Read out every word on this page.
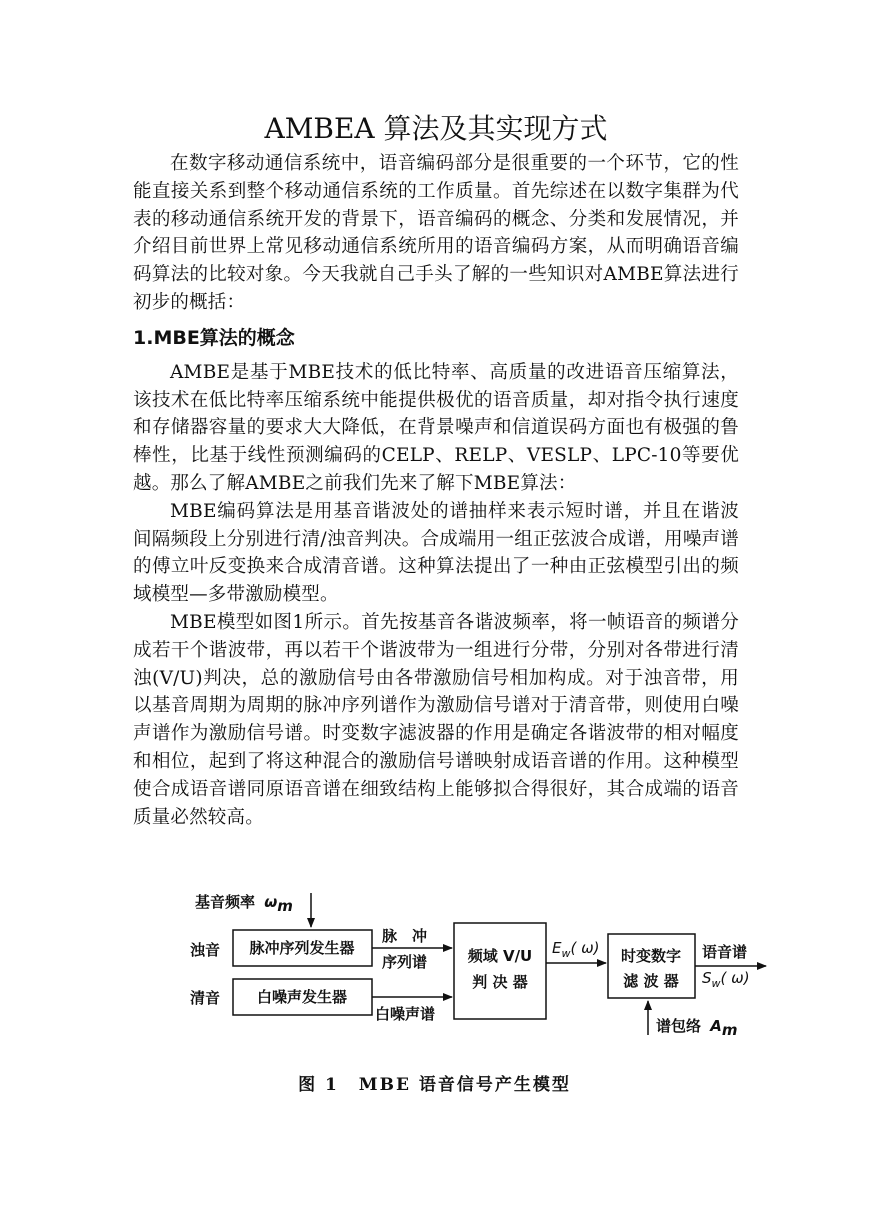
AMBEA 算法及其实现方式

在数字移动通信系统中，语音编码部分是很重要的一个环节，它的性能直接关系到整个移动通信系统的工作质量。首先综述在以数字集群为代表的移动通信系统开发的背景下，语音编码的概念、分类和发展情况，并介绍目前世界上常见移动通信系统所用的语音编码方案，从而明确语音编码算法的比较对象。今天我就自己手头了解的一些知识对AMBE算法进行初步的概括：

1.MBE算法的概念

AMBE是基于MBE技术的低比特率、高质量的改进语音压缩算法，该技术在低比特率压缩系统中能提供极优的语音质量，却对指令执行速度和存储器容量的要求大大降低，在背景噪声和信道误码方面也有极强的鲁棒性，比基于线性预测编码的CELP、RELP、VESLP、LPC-10等要优越。那么了解AMBE之前我们先来了解下MBE算法：

MBE编码算法是用基音谐波处的谱抽样来表示短时谱，并且在谐波间隔频段上分别进行清/浊音判决。合成端用一组正弦波合成谱，用噪声谱的傅立叶反变换来合成清音谱。这种算法提出了一种由正弦模型引出的频域模型—多带激励模型。

MBE模型如图1所示。首先按基音各谐波频率，将一帧语音的频谱分成若干个谐波带，再以若干个谐波带为一组进行分带，分别对各带进行清浊(V/U)判决，总的激励信号由各带激励信号相加构成。对于浊音带，用以基音周期为周期的脉冲序列谱作为激励信号谱对于清音带，则使用白噪声谱作为激励信号谱。时变数字滤波器的作用是确定各谐波带的相对幅度和相位，起到了将这种混合的激励信号谱映射成语音谱的作用。这种模型使合成语音谱同原语音谱在细致结构上能够拟合得很好，其合成端的语音质量必然较高。

基音频率 ωm
浊音
清音
脉冲序列发生器
白噪声发生器
脉　冲
序列谱
白噪声谱
频域 V/U
判 决 器
$E_w$( ω) 时变数字
滤 波 器
语音谱
$S_w$( ω)
谱包络 Am
图 1 MBE 语音信号产生模型
